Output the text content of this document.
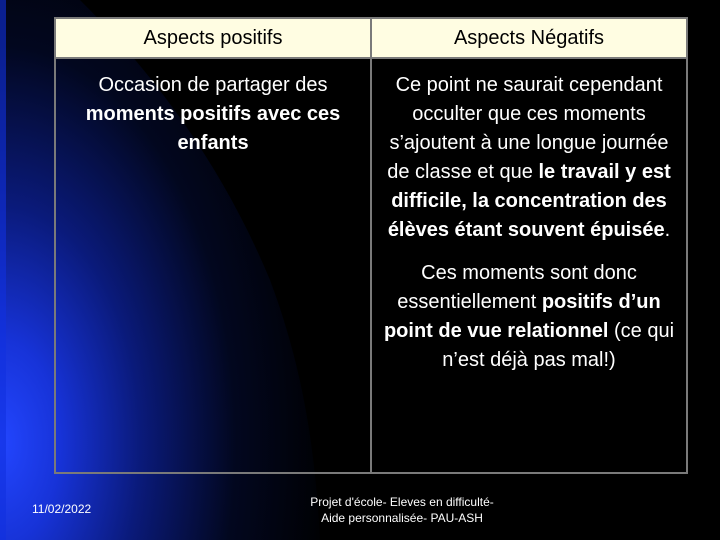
Aspects positifs	Aspects Négatifs

Occasion de partager des moments positifs avec ces enfants	Ce point ne saurait cependant occulter que ces moments s’ajoutent à une longue journée de classe et que le travail y est difficile, la concentration des élèves étant souvent épuisée.
Ces moments sont donc essentiellement positifs d’un point de vue relationnel (ce qui n’est déjà pas mal!)
11/02/2022	Projet d'école- Eleves en difficulté-
Aide personnalisée- PAU-ASH
